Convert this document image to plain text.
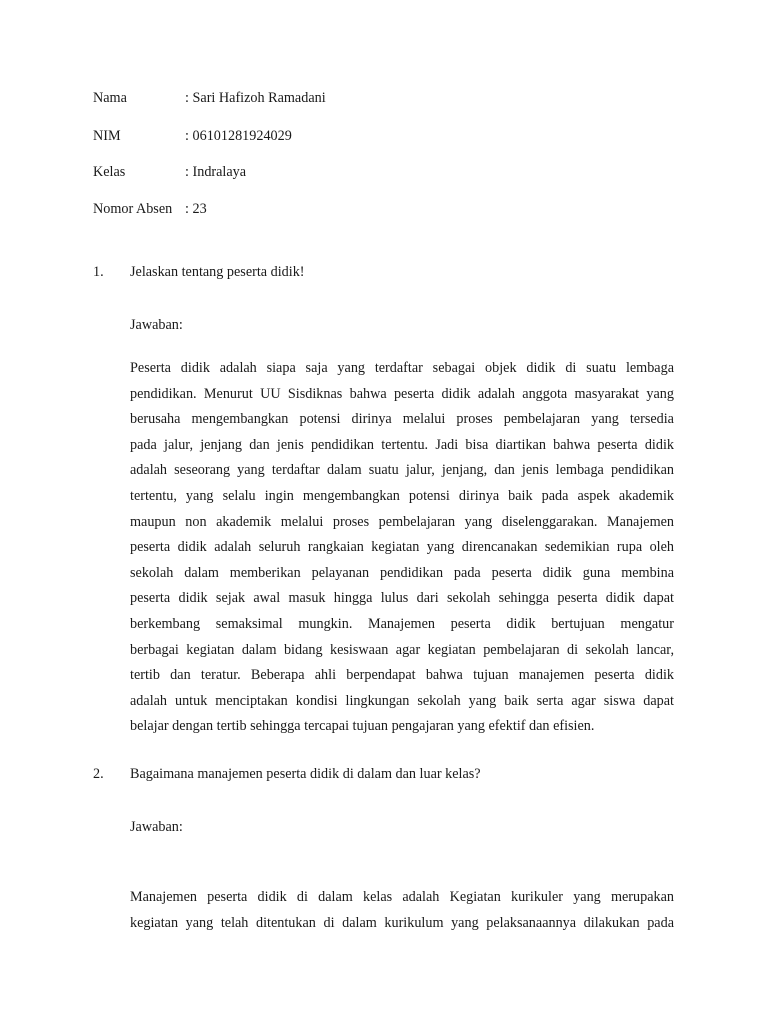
Nama	: Sari Hafizoh Ramadani
NIM	: 06101281924029
Kelas	: Indralaya
Nomor Absen : 23
1. Jelaskan tentang peserta didik!
Jawaban:
Peserta didik adalah siapa saja yang terdaftar sebagai objek didik di suatu lembaga
pendidikan. Menurut UU Sisdiknas bahwa peserta didik adalah anggota masyarakat yang
berusaha mengembangkan potensi dirinya melalui proses pembelajaran yang tersedia
pada jalur, jenjang dan jenis pendidikan tertentu. Jadi bisa diartikan bahwa peserta didik
adalah seseorang yang terdaftar dalam suatu jalur, jenjang, dan jenis lembaga pendidikan
tertentu, yang selalu ingin mengembangkan potensi dirinya baik pada aspek akademik
maupun non akademik melalui proses pembelajaran yang diselenggarakan. Manajemen
peserta didik adalah seluruh rangkaian kegiatan yang direncanakan sedemikian rupa oleh
sekolah dalam memberikan pelayanan pendidikan pada peserta didik guna membina
peserta didik sejak awal masuk hingga lulus dari sekolah sehingga peserta didik dapat
berkembang semaksimal mungkin. Manajemen peserta didik bertujuan mengatur
berbagai kegiatan dalam bidang kesiswaan agar kegiatan pembelajaran di sekolah lancar,
tertib dan teratur. Beberapa ahli berpendapat bahwa tujuan manajemen peserta didik
adalah untuk menciptakan kondisi lingkungan sekolah yang baik serta agar siswa dapat
belajar dengan tertib sehingga tercapai tujuan pengajaran yang efektif dan efisien.
2. Bagaimana manajemen peserta didik di dalam dan luar kelas?
Jawaban:
Manajemen peserta didik di dalam kelas adalah Kegiatan kurikuler yang merupakan
kegiatan yang telah ditentukan di dalam kurikulum yang pelaksanaannya dilakukan pada
